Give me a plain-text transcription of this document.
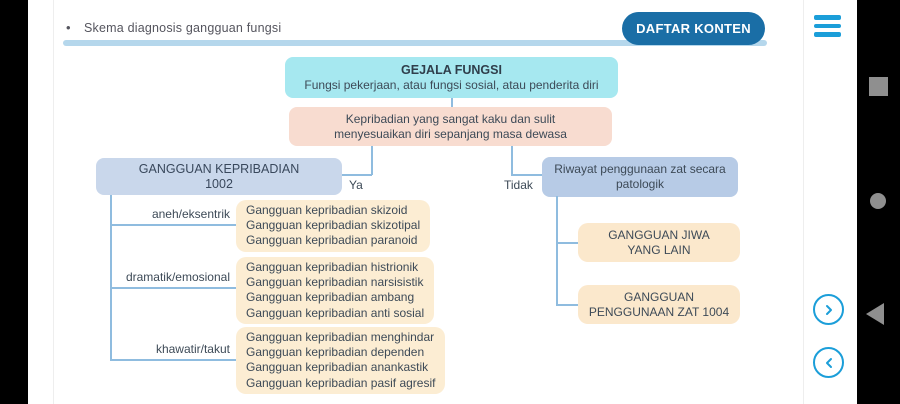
• Skema diagnosis gangguan fungsi	DAFTAR KONTEN
GEJALA FUNGSI
Fungsi pekerjaan, atau fungsi sosial, atau penderita diri
Kepribadian yang sangat kaku dan sulit
menyesuaikan diri sepanjang masa dewasa
Ya	Tidak
GANGGUAN KEPRIBADIAN
1002
Riwayat penggunaan zat secara
patologik
aneh/eksentrik
dramatik/emosional
khawatir/takut
Gangguan kepribadian skizoid
Gangguan kepribadian skizotipal
Gangguan kepribadian paranoid
Gangguan kepribadian histrionik
Gangguan kepribadian narsisistik
Gangguan kepribadian ambang
Gangguan kepribadian anti sosial
Gangguan kepribadian menghindar
Gangguan kepribadian dependen
Gangguan kepribadian anankastik
Gangguan kepribadian pasif agresif
GANGGUAN JIWA
YANG LAIN
GANGGUAN
PENGGUNAAN ZAT 1004
